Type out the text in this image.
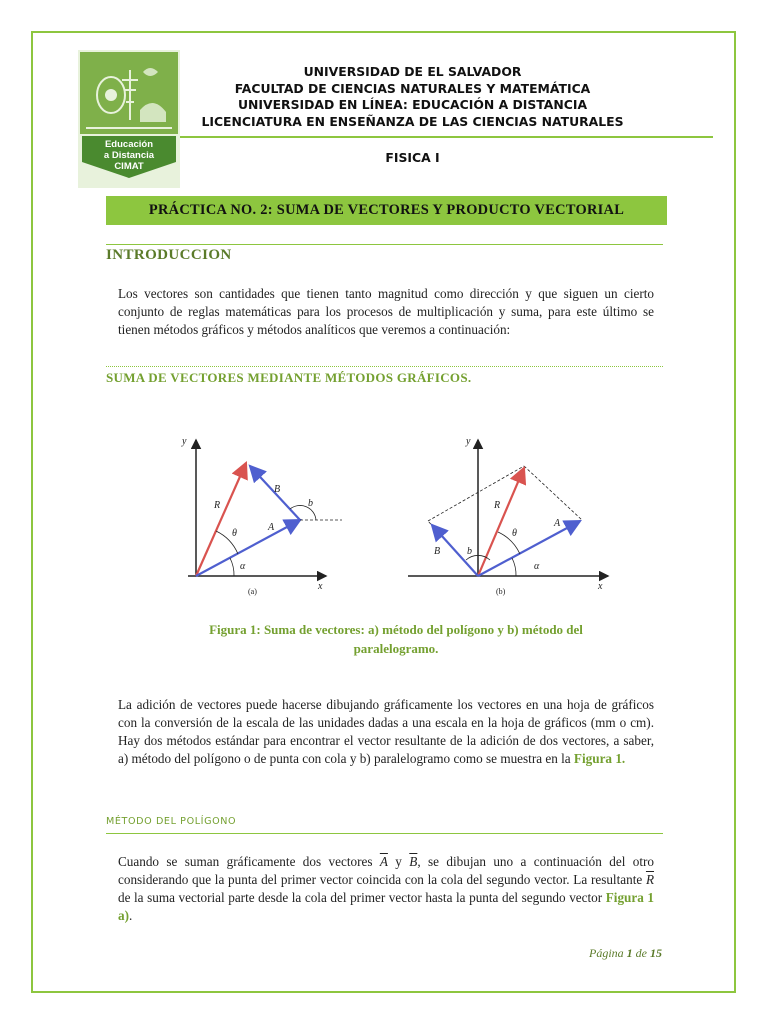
Educación
a Distancia
CIMAT
UNIVERSIDAD DE EL SALVADOR
FACULTAD DE CIENCIAS NATURALES Y MATEMÁTICA
UNIVERSIDAD EN LÍNEA: EDUCACIÓN A DISTANCIA
LICENCIATURA EN ENSEÑANZA DE LAS CIENCIAS NATURALES
FISICA I
PRÁCTICA NO. 2: SUMA DE VECTORES Y PRODUCTO VECTORIAL
INTRODUCCION
Los vectores son cantidades que tienen tanto magnitud como dirección y que siguen un cierto conjunto de reglas matemáticas para los procesos de multiplicación y suma, para este último se tienen métodos gráficos y métodos analíticos que veremos a continuación:
SUMA DE VECTORES MEDIANTE MÉTODOS GRÁFICOS.
y
x
R
B
A
b
θ
α
(a)
y
x
R
A
B	b
θ
α
(b)
Figura 1: Suma de vectores: a) método del polígono y b) método del
paralelogramo.
La adición de vectores puede hacerse dibujando gráficamente los vectores en una hoja de gráficos con la conversión de la escala de las unidades dadas a una escala en la hoja de gráficos (mm o cm). Hay dos métodos estándar para encontrar el vector resultante de la adición de dos vectores, a saber, a) método del polígono o de punta con cola y b) paralelogramo como se muestra en la Figura 1.
MÉTODO DEL POLÍGONO
Cuando se suman gráficamente dos vectores $\overline{A}$ y $\overline{B}$, se dibujan uno a continuación del otro considerando que la punta del primer vector coincida con la cola del segundo vector. La resultante $\overline{R}$ de la suma vectorial parte desde la cola del primer vector hasta la punta del segundo vector Figura 1 a).
Página 1 de 15
